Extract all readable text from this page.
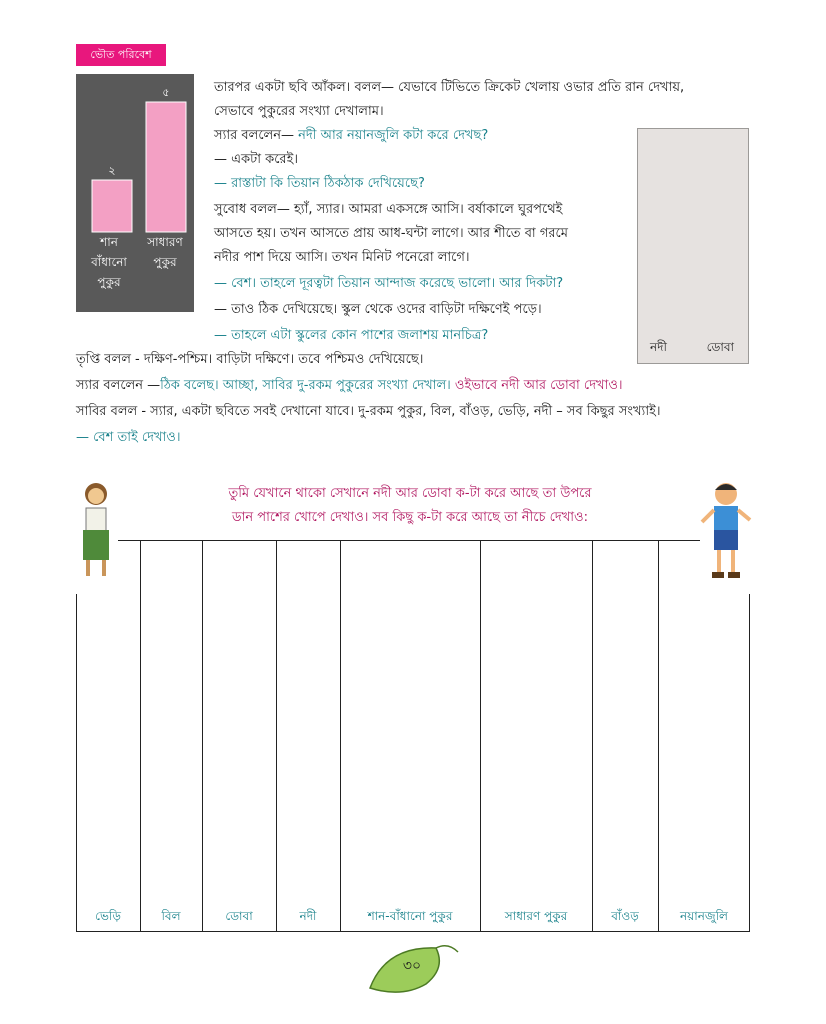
ভৌত পরিবেশ
২
৫
শান
বাঁধানো
পুকুর
সাধারণ
পুকুর
তারপর একটা ছবি আঁকল। বলল— যেভাবে টিভিতে ক্রিকেট খেলায় ওভার প্রতি রান দেখায়,
সেভাবে পুকুরের সংখ্যা দেখালাম।
স্যার বললেন— নদী আর নয়ানজুলি কটা করে দেখছ?
— একটা করেই।
— রাস্তাটা কি তিয়ান ঠিকঠাক দেখিয়েছে?
সুবোধ বলল— হ্যাঁ, স্যার। আমরা একসঙ্গে আসি। বর্ষাকালে ঘুরপথেই
আসতে হয়। তখন আসতে প্রায় আধ-ঘন্টা লাগে। আর শীতে বা গরমে
নদীর পাশ দিয়ে আসি। তখন মিনিট পনেরো লাগে।
— বেশ। তাহলে দূরত্বটা তিয়ান আন্দাজ করেছে ভালো। আর দিকটা?
— তাও ঠিক দেখিয়েছে। স্কুল থেকে ওদের বাড়িটা দক্ষিণেই পড়ে।
— তাহলে এটা স্কুলের কোন পাশের জলাশয় মানচিত্র?
নদী	ডোবা
তৃপ্তি বলল - দক্ষিণ-পশ্চিম। বাড়িটা দক্ষিণে। তবে পশ্চিমও দেখিয়েছে।
স্যার বললেন —ঠিক বলেছ। আচ্ছা, সাবির দু-রকম পুকুরের সংখ্যা দেখাল। ওইভাবে নদী আর ডোবা দেখাও।
সাবির বলল - স্যার, একটা ছবিতে সবই দেখানো যাবে। দু-রকম পুকুর, বিল, বাঁওড়, ভেড়ি, নদী – সব কিছুর সংখ্যাই।
— বেশ তাই দেখাও।
তুমি যেখানে থাকো সেখানে নদী আর ডোবা ক-টা করে আছে তা উপরে
ডান পাশের খোপে দেখাও। সব কিছু ক-টা করে আছে তা নীচে দেখাও:
ভেড়ি	বিল	ডোবা	নদী	শান-বাঁধানো পুকুর	সাধারণ পুকুর	বাঁওড়	নয়ানজুলি
৩০
